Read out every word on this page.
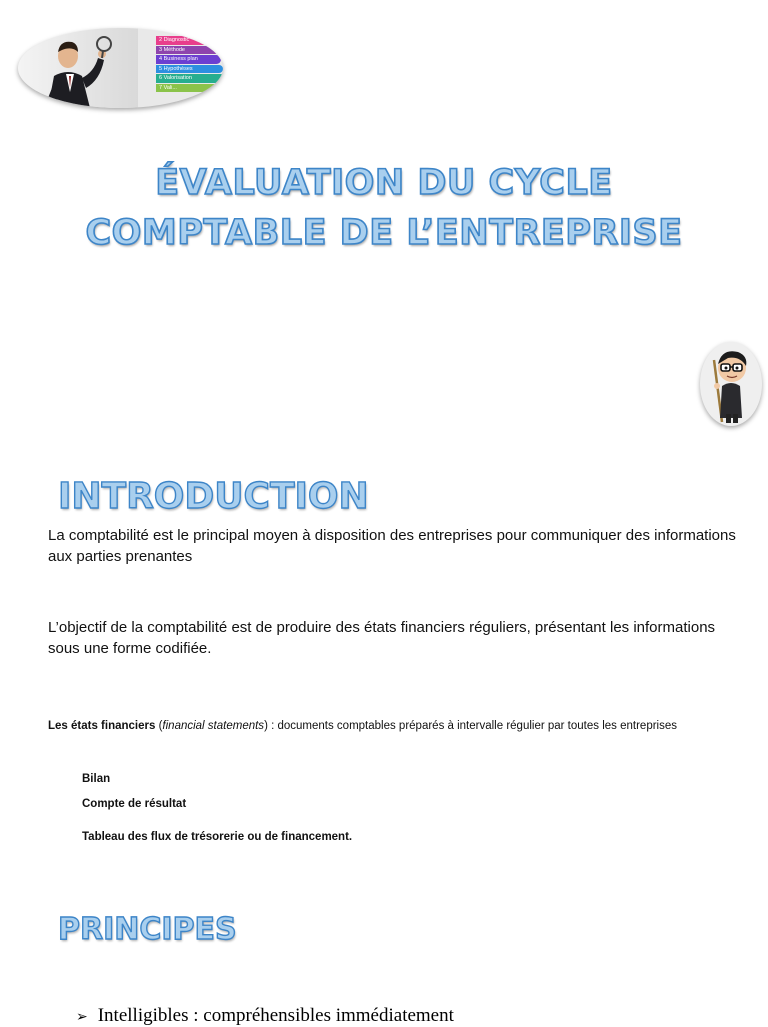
2 Diagnostic
3 Méthode
4 Business plan
5 Hypothèses
6 Valorisation
7 Vali...
ÉVALUATION DU CYCLE
COMPTABLE DE L’ENTREPRISE
INTRODUCTION
La comptabilité est le principal moyen à disposition des entreprises pour communiquer des informations aux parties prenantes
L’objectif de la comptabilité est de produire des états financiers réguliers, présentant les informations sous une forme codifiée.
Les états financiers (financial statements) : documents comptables préparés à intervalle régulier par toutes les entreprises
Bilan
Compte de résultat
Tableau des flux de trésorerie ou de financement.
PRINCIPES
➢ Intelligibles : compréhensibles immédiatement
